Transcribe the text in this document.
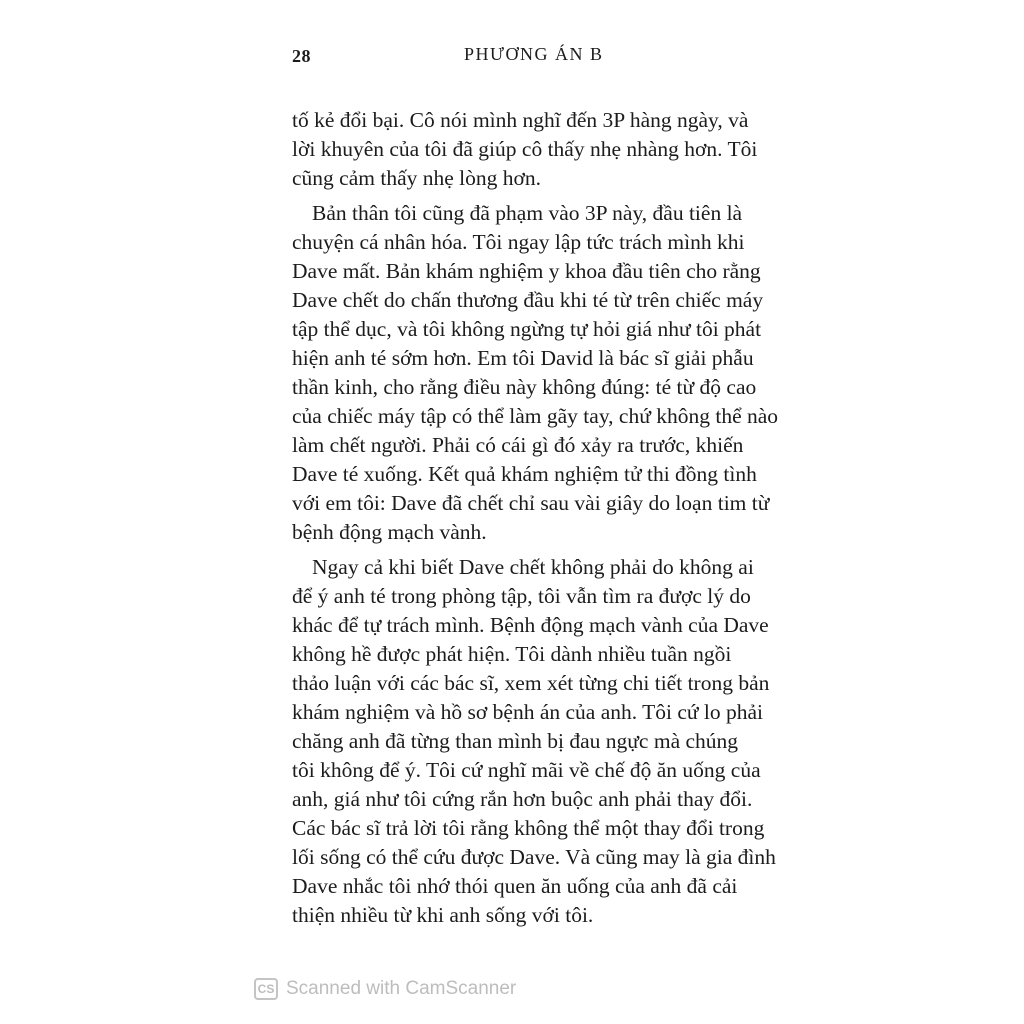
28	PHƯƠNG ÁN B
tố kẻ đổi bại. Cô nói mình nghĩ đến 3P hàng ngày, và
lời khuyên của tôi đã giúp cô thấy nhẹ nhàng hơn. Tôi
cũng cảm thấy nhẹ lòng hơn.
Bản thân tôi cũng đã phạm vào 3P này, đầu tiên là
chuyện cá nhân hóa. Tôi ngay lập tức trách mình khi
Dave mất. Bản khám nghiệm y khoa đầu tiên cho rằng
Dave chết do chấn thương đầu khi té từ trên chiếc máy
tập thể dục, và tôi không ngừng tự hỏi giá như tôi phát
hiện anh té sớm hơn. Em tôi David là bác sĩ giải phẫu
thần kinh, cho rằng điều này không đúng: té từ độ cao
của chiếc máy tập có thể làm gãy tay, chứ không thể nào
làm chết người. Phải có cái gì đó xảy ra trước, khiến
Dave té xuống. Kết quả khám nghiệm tử thi đồng tình
với em tôi: Dave đã chết chỉ sau vài giây do loạn tim từ
bệnh động mạch vành.
Ngay cả khi biết Dave chết không phải do không ai
để ý anh té trong phòng tập, tôi vẫn tìm ra được lý do
khác để tự trách mình. Bệnh động mạch vành của Dave
không hề được phát hiện. Tôi dành nhiều tuần ngồi
thảo luận với các bác sĩ, xem xét từng chi tiết trong bản
khám nghiệm và hồ sơ bệnh án của anh. Tôi cứ lo phải
chăng anh đã từng than mình bị đau ngực mà chúng
tôi không để ý. Tôi cứ nghĩ mãi về chế độ ăn uống của
anh, giá như tôi cứng rắn hơn buộc anh phải thay đổi.
Các bác sĩ trả lời tôi rằng không thể một thay đổi trong
lối sống có thể cứu được Dave. Và cũng may là gia đình
Dave nhắc tôi nhớ thói quen ăn uống của anh đã cải
thiện nhiều từ khi anh sống với tôi.
CS Scanned with CamScanner
